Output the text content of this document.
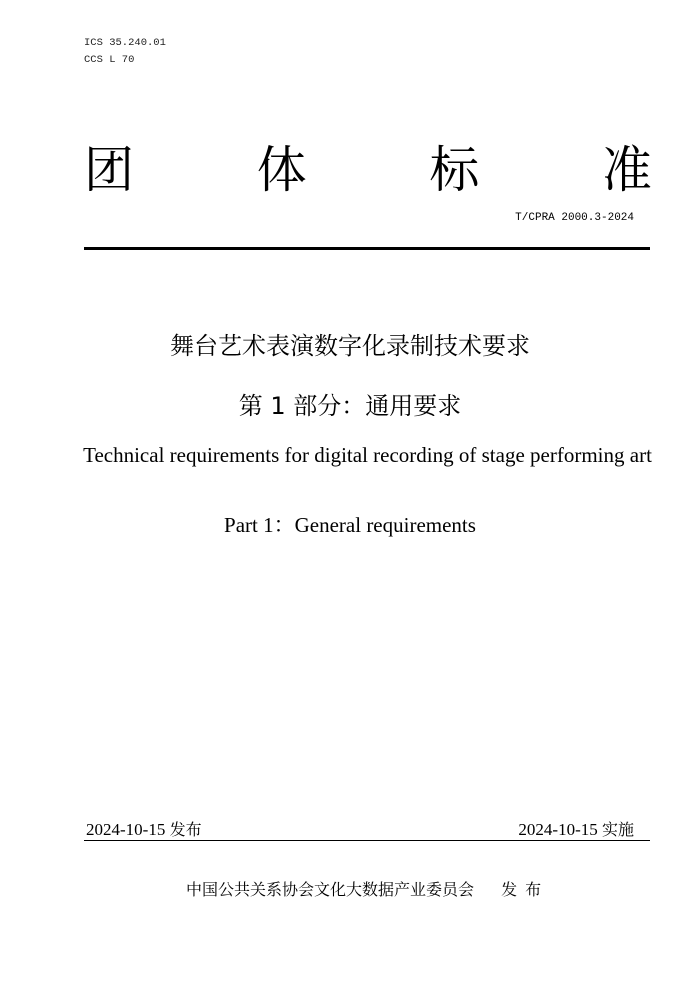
ICS 35.240.01
CCS L 70
团 体 标 准
T/CPRA 2000.3-2024
舞台艺术表演数字化录制技术要求
第 1 部分：通用要求
Technical requirements for digital recording of stage performing art
Part 1：General requirements
2024-10-15 发布	2024-10-15 实施
中国公共关系协会文化大数据产业委员会 发布
